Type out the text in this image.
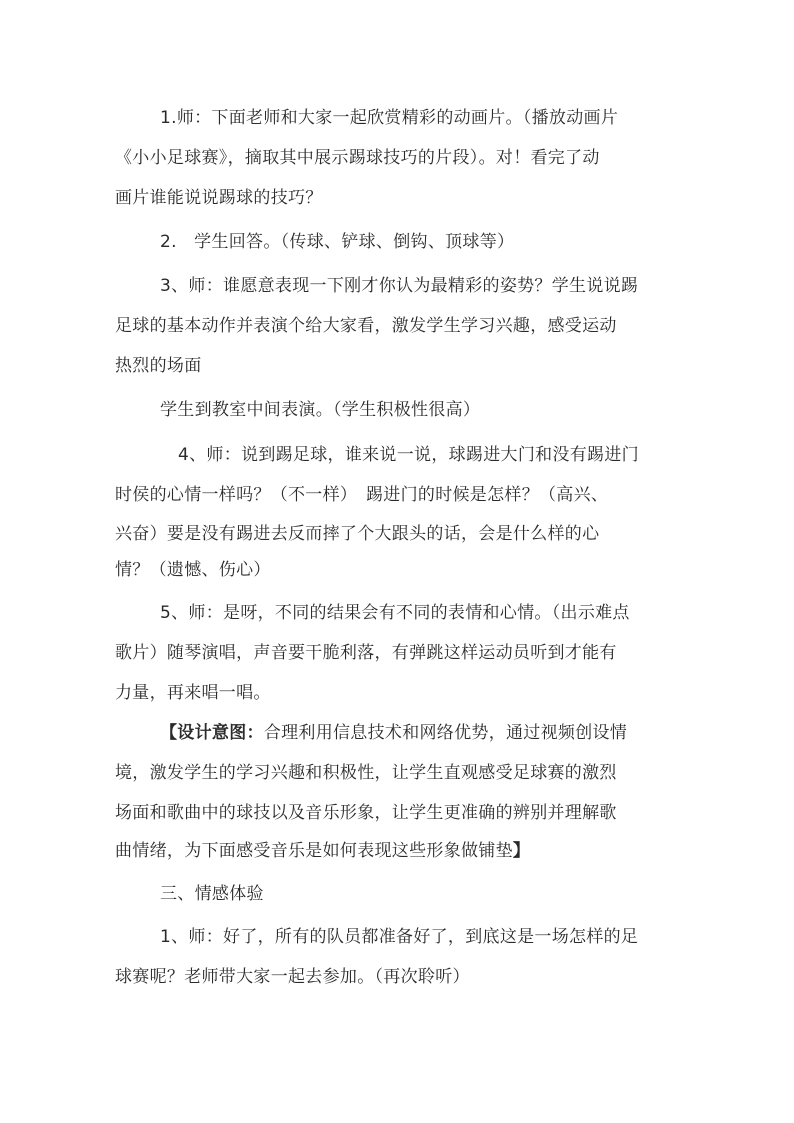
1.师：下面老师和大家一起欣赏精彩的动画片。（播放动画片
《小小足球赛》，摘取其中展示踢球技巧的片段）。对！看完了动
画片谁能说说踢球的技巧？
2.　学生回答。（传球、铲球、倒钩、顶球等）
3、师：谁愿意表现一下刚才你认为最精彩的姿势？学生说说踢
足球的基本动作并表演个给大家看，激发学生学习兴趣，感受运动
热烈的场面
学生到教室中间表演。（学生积极性很高）
4、师：说到踢足球，谁来说一说，球踢进大门和没有踢进门
时侯的心情一样吗？（不一样）　踢进门的时候是怎样？（高兴、
兴奋）要是没有踢进去反而摔了个大跟头的话，会是什么样的心
情？（遗憾、伤心）
5、师：是呀，不同的结果会有不同的表情和心情。（出示难点
歌片）随琴演唱，声音要干脆利落，有弹跳这样运动员听到才能有
力量，再来唱一唱。
【设计意图：合理利用信息技术和网络优势，通过视频创设情
境，激发学生的学习兴趣和积极性，让学生直观感受足球赛的激烈
场面和歌曲中的球技以及音乐形象，让学生更准确的辨别并理解歌
曲情绪，为下面感受音乐是如何表现这些形象做铺垫】
三、情感体验
1、师：好了，所有的队员都准备好了，到底这是一场怎样的足
球赛呢？老师带大家一起去参加。（再次聆听）
